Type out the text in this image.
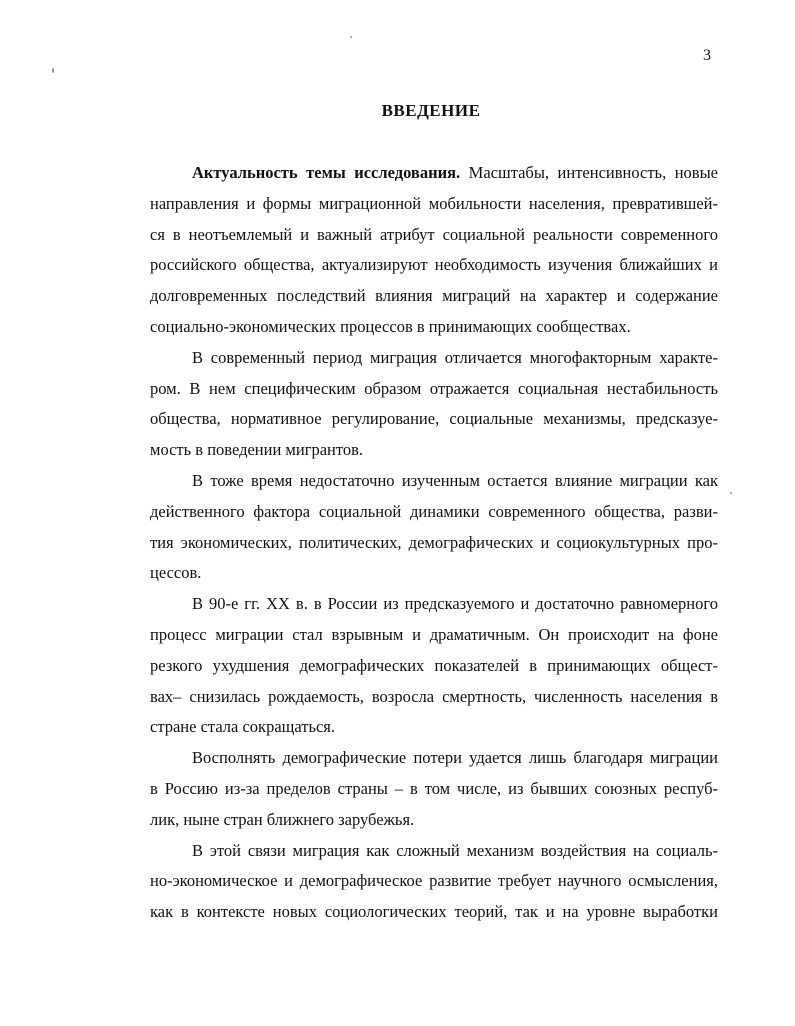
3
ВВЕДЕНИЕ
Актуальность темы исследования. Масштабы, интенсивность, новые
направления и формы миграционной мобильности населения, превратившей-
ся в неотъемлемый и важный атрибут социальной реальности современного
российского общества, актуализируют необходимость изучения ближайших и
долговременных последствий влияния миграций на характер и содержание
социально-экономических процессов в принимающих сообществах.
В современный период миграция отличается многофакторным характе-
ром. В нем специфическим образом отражается социальная нестабильность
общества, нормативное регулирование, социальные механизмы, предсказуе-
мость в поведении мигрантов.
В тоже время недостаточно изученным остается влияние миграции как
действенного фактора социальной динамики современного общества, разви-
тия экономических, политических, демографических и социокультурных про-
цессов.
В 90-е гг. XX в. в России из предсказуемого и достаточно равномерного
процесс миграции стал взрывным и драматичным. Он происходит на фоне
резкого ухудшения демографических показателей в принимающих общест-
вах– снизилась рождаемость, возросла смертность, численность населения в
стране стала сокращаться.
Восполнять демографические потери удается лишь благодаря миграции
в Россию из-за пределов страны – в том числе, из бывших союзных респуб-
лик, ныне стран ближнего зарубежья.
В этой связи миграция как сложный механизм воздействия на социаль-
но-экономическое и демографическое развитие требует научного осмысления,
как в контексте новых социологических теорий, так и на уровне выработки
